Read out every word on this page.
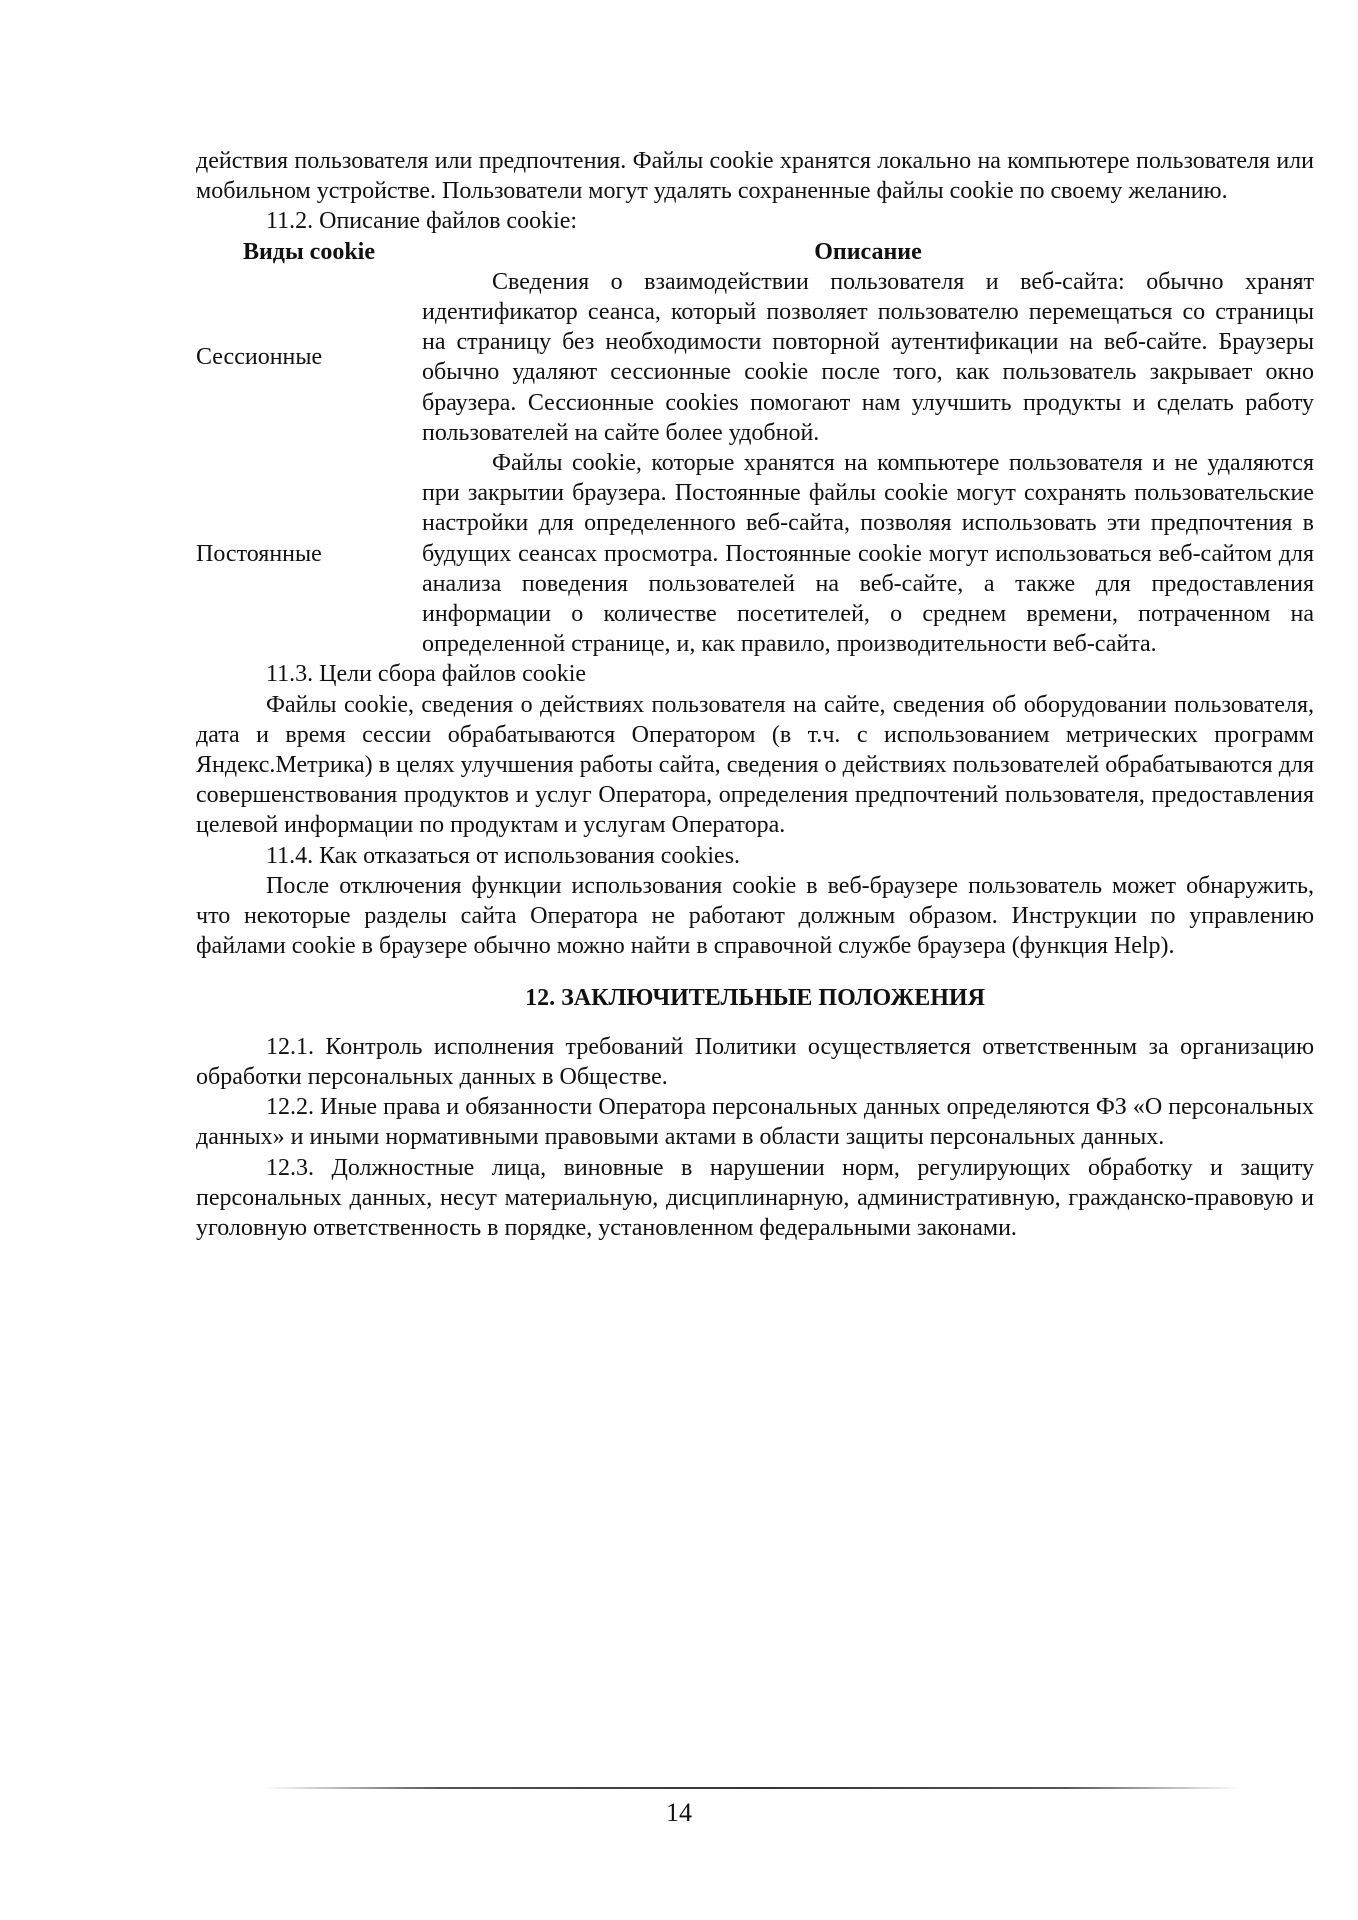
действия пользователя или предпочтения. Файлы cookie хранятся локально на компьютере пользователя или мобильном устройстве. Пользователи могут удалять сохраненные файлы cookie по своему желанию.

11.2. Описание файлов cookie:

Виды cookie	Описание
Сессионные	Сведения о взаимодействии пользователя и веб-сайта: обычно хранят идентификатор сеанса, который позволяет пользователю перемещаться со страницы на страницу без необходимости повторной аутентификации на веб-сайте. Браузеры обычно удаляют сессионные cookie после того, как пользователь закрывает окно браузера. Сессионные cookies помогают нам улучшить продукты и сделать работу пользователей на сайте более удобной.

Постоянные	Файлы cookie, которые хранятся на компьютере пользователя и не удаляются при закрытии браузера. Постоянные файлы cookie могут сохранять пользовательские настройки для определенного веб-сайта, позволяя использовать эти предпочтения в будущих сеансах просмотра. Постоянные cookie могут использоваться веб-сайтом для анализа поведения пользователей на веб-сайте, а также для предоставления информации о количестве посетителей, о среднем времени, потраченном на определенной странице, и, как правило, производительности веб-сайта.

11.3. Цели сбора файлов cookie

Файлы cookie, сведения о действиях пользователя на сайте, сведения об оборудовании пользователя, дата и время сессии обрабатываются Оператором (в т.ч. с использованием метрических программ Яндекс.Метрика) в целях улучшения работы сайта, сведения о действиях пользователей обрабатываются для совершенствования продуктов и услуг Оператора, определения предпочтений пользователя, предоставления целевой информации по продуктам и услугам Оператора.

11.4. Как отказаться от использования cookies.

После отключения функции использования cookie в веб-браузере пользователь может обнаружить, что некоторые разделы сайта Оператора не работают должным образом. Инструкции по управлению файлами cookie в браузере обычно можно найти в справочной службе браузера (функция Help).

12. ЗАКЛЮЧИТЕЛЬНЫЕ ПОЛОЖЕНИЯ

12.1. Контроль исполнения требований Политики осуществляется ответственным за организацию обработки персональных данных в Обществе.

12.2. Иные права и обязанности Оператора персональных данных определяются ФЗ «О персональных данных» и иными нормативными правовыми актами в области защиты персональных данных.

12.3. Должностные лица, виновные в нарушении норм, регулирующих обработку и защиту персональных данных, несут материальную, дисциплинарную, административную, гражданско-правовую и уголовную ответственность в порядке, установленном федеральными законами.

14
